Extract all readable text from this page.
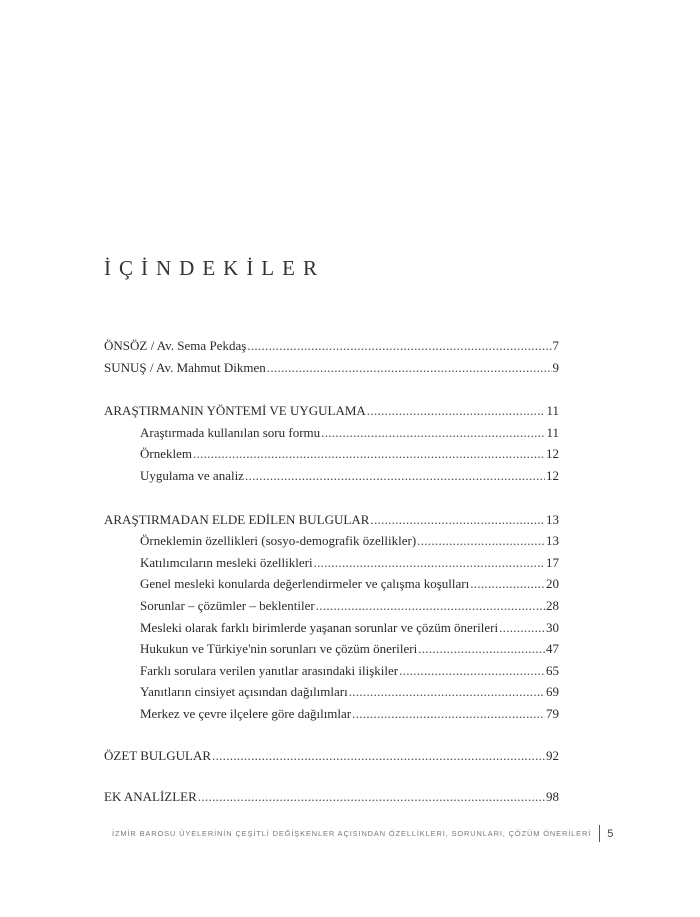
İÇİNDEKİLER
ÖNSÖZ / Av. Sema Pekdaş .....	7
SUNUŞ / Av. Mahmut Dikmen .....	9
ARAŞTIRMANIN YÖNTEMİ VE UYGULAMA .....	11
Araştırmada kullanılan soru formu .....	11
Örneklem .....	12
Uygulama ve analiz .....	12
ARAŞTIRMADAN ELDE EDİLEN BULGULAR .....	13
Örneklemin özellikleri (sosyo-demografik özellikler) .....	13
Katılımcıların mesleki özellikleri .....	17
Genel mesleki konularda değerlendirmeler ve çalışma koşulları .....	20
Sorunlar – çözümler – beklentiler .....	28
Mesleki olarak farklı birimlerde yaşanan sorunlar ve çözüm önerileri .....	30
Hukukun ve Türkiye'nin sorunları ve çözüm önerileri .....	47
Farklı sorulara verilen yanıtlar arasındaki ilişkiler .....	65
Yanıtların cinsiyet açısından dağılımları .....	69
Merkez ve çevre ilçelere göre dağılımlar .....	79
ÖZET BULGULAR .....	92
EK ANALİZLER .....	98
İZMİR BAROSU ÜYELERİNİN ÇEŞİTLİ DEĞİŞKENLER AÇISINDAN ÖZELLİKLERİ, SORUNLARI, ÇÖZÜM ÖNERİLERİ 5
